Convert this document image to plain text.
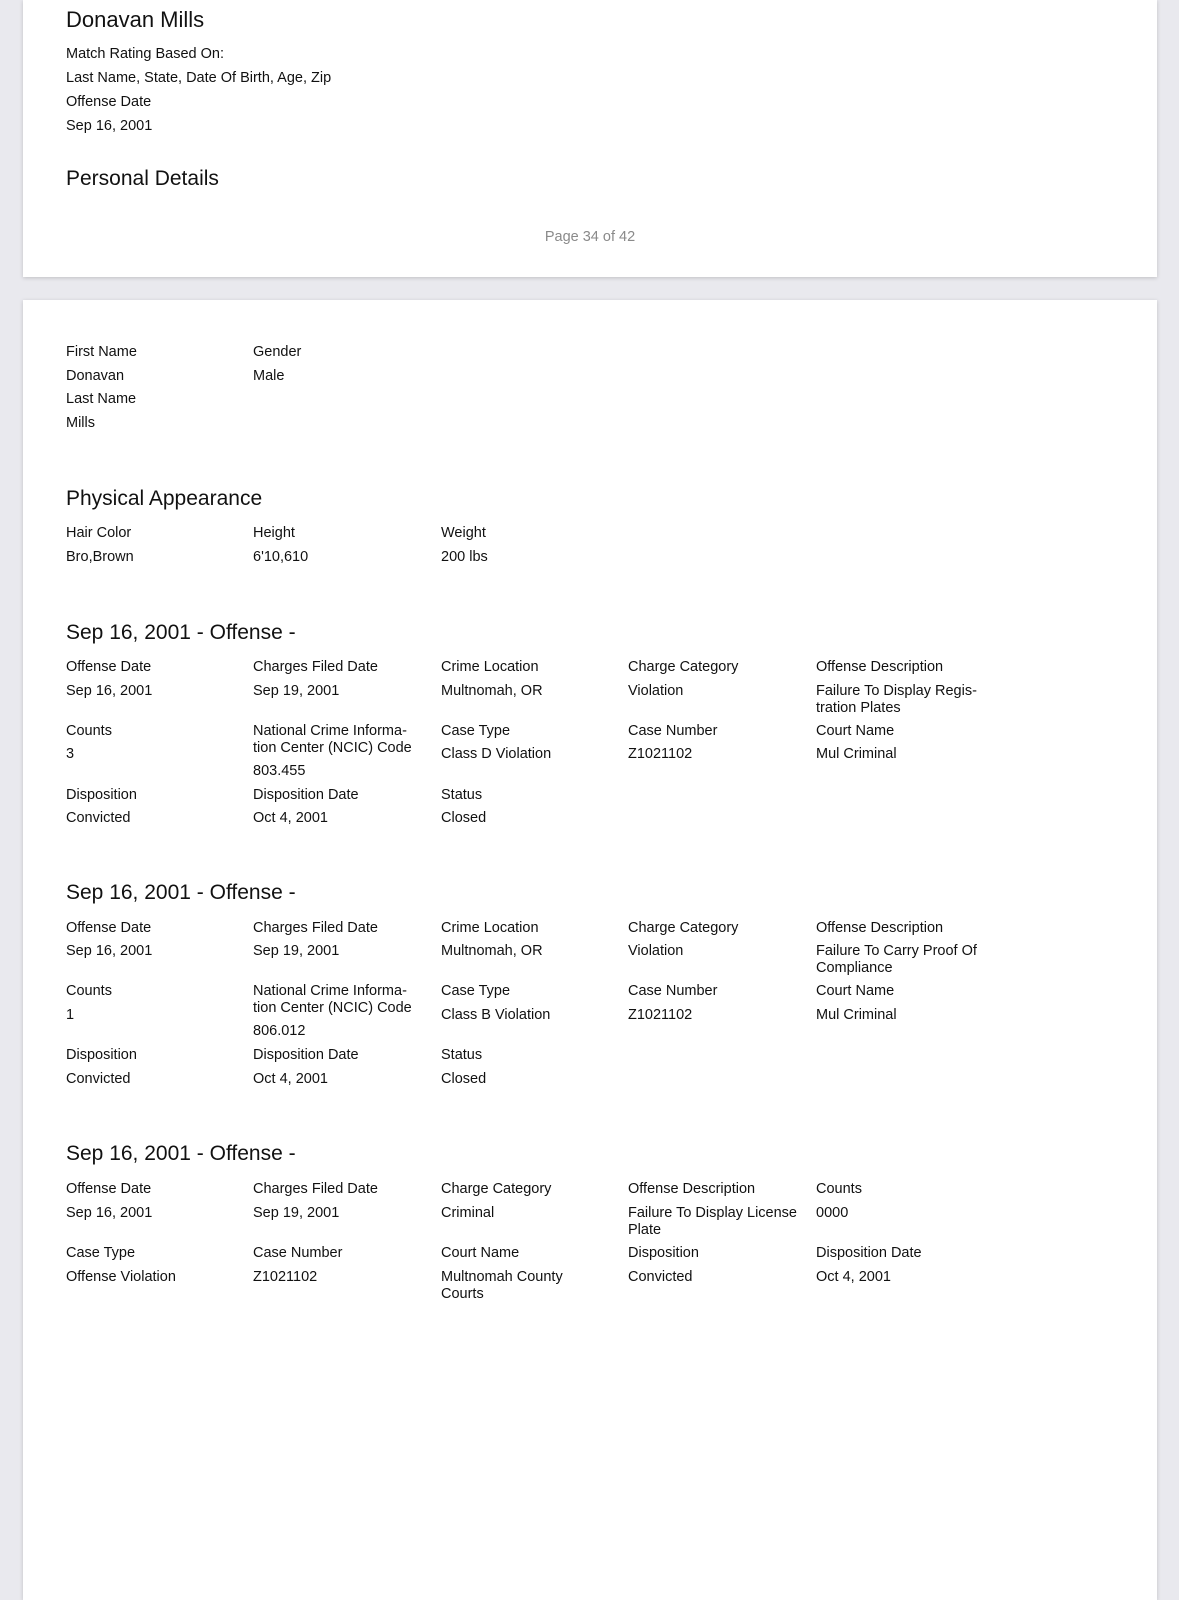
Donavan Mills
Match Rating Based On:
Last Name, State, Date Of Birth, Age, Zip
Offense Date
Sep 16, 2001
Personal Details
Page 34 of 42
First Name
Donavan
Last Name
Mills
Gender
Male
Physical Appearance
Hair Color
Bro,Brown
Height
6'10,610
Weight
200 lbs
Sep 16, 2001 - Offense -
Offense Date
Sep 16, 2001
Charges Filed Date
Sep 19, 2001
Crime Location
Multnomah, OR
Charge Category
Violation
Offense Description
Failure To Display Regis-tration Plates
Counts
3
National Crime Informa-tion Center (NCIC) Code
803.455
Case Type
Class D Violation
Case Number
Z1021102
Court Name
Mul Criminal
Disposition
Convicted
Disposition Date
Oct 4, 2001
Status
Closed
Sep 16, 2001 - Offense -
Offense Date
Sep 16, 2001
Charges Filed Date
Sep 19, 2001
Crime Location
Multnomah, OR
Charge Category
Violation
Offense Description
Failure To Carry Proof Of Compliance
Counts
1
National Crime Informa-tion Center (NCIC) Code
806.012
Case Type
Class B Violation
Case Number
Z1021102
Court Name
Mul Criminal
Disposition
Convicted
Disposition Date
Oct 4, 2001
Status
Closed
Sep 16, 2001 - Offense -
Offense Date
Sep 16, 2001
Charges Filed Date
Sep 19, 2001
Charge Category
Criminal
Offense Description
Failure To Display License Plate
Counts
0000
Case Type
Offense Violation
Case Number
Z1021102
Court Name
Multnomah County Courts
Disposition
Convicted
Disposition Date
Oct 4, 2001
